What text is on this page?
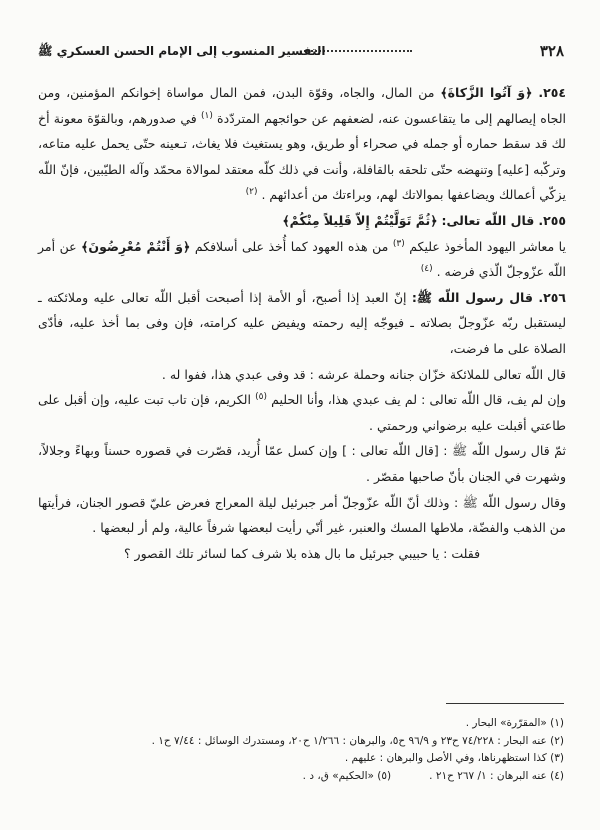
٣٢٨
التفسير المنسوب إلى الإمام الحسن العسكري ﷺ

٢٥٤. ﴿وَ آتُوا الزَّكاةَ﴾ من المال، والجاه، وقوّة البدن، فمن المال مواساة إخوانكم المؤمنين، ومن الجاه إيصالهم إلى ما يتقاعسون عنه، لضعفهم عن حوائجهم المتردّدة $^{(١)}$ في صدورهم، وبالقوّة معونة أخ لك قد سقط حماره أو جمله في صحراء أو طريق، وهو يستغيث فلا يغاث، تـعينه حتّى يحمل عليه متاعه، وتركّبه [عليه] وتنهضه حتّى تلحقه بالقافلة، وأنت في ذلك كلّه معتقد لموالاة محمّد وآله الطيّبين، فإنّ اللّه يزكّي أعمالك ويضاعفها بموالاتك لهم، وبراءتك من أعدائهم . $^{(٢)}$

٢٥٥. قال اللّه تعالى: ﴿ثُمَّ تَوَلَّيْتُمْ إِلاّ قَلِيلاً مِنْكُمْ﴾

يا معاشر اليهود المأخوذ عليكم $^{(٣)}$ من هذه العهود كما أُخذ على أسلافكم ﴿وَ أَنْتُمْ مُعْرِضُونَ﴾ عن أمر اللّه عزّوجلّ الّذي فرضه . $^{(٤)}$

٢٥٦. قال رسول اللّه ﷺ: إنّ العبد إذا أصبح، أو الأمة إذا أصبحت أقبل اللّه تعالى عليه وملائكته ـ ليستقبل ربّه عزّوجلّ بصلاته ـ فيوجّه إليه رحمته ويفيض عليه كرامته، فإن وفى بما أخذ عليه، فأدّى الصلاة على ما فرضت،

قال اللّه تعالى للملائكة خزّان جنانه وحملة عرشه : قد وفى عبدي هذا، ففوا له .

وإن لم يف، قال اللّه تعالى : لم يف عبدي هذا، وأنا الحليم $^{(٥)}$ الكريم، فإن تاب تبت عليه، وإن أقبل على طاعتي أقبلت عليه برضواني ورحمتي .

ثمّ قال رسول اللّه ﷺ : [قال اللّه تعالى : ] وإن كسل عمّا أُريد، قصّرت في قصوره حسناً وبهاءً وجلالاً، وشهرت في الجنان بأنّ صاحبها مقصّر .

وقال رسول اللّه ﷺ : وذلك أنّ اللّه عزّوجلّ أمر جبرئيل ليلة المعراج فعرض عليّ قصور الجنان، فرأيتها من الذهب والفضّة، ملاطها المسك والعنبر، غير أنّي رأيت لبعضها شرفاً عالية، ولم أر لبعضها .

فقلت : يا حبيبي جبرئيل ما بال هذه بلا شرف كما لسائر تلك القصور ؟

(١) «المقرّرة» البحار .

(٢) عنه البحار : ٧٤/٢٢٨ ح٢٣ و ٩٦/٩ ح٥، والبرهان : ١/٢٦٦ ح٢٠، ومستدرك الوسائل : ٧/٤٤ ح١ .

(٣) كذا استظهرناها، وفي الأصل والبرهان : عليهم .

(٤) عنه البرهان : ١/ ٢٦٧ ح٢١ .
(٥) «الحكيم» ق، د .
